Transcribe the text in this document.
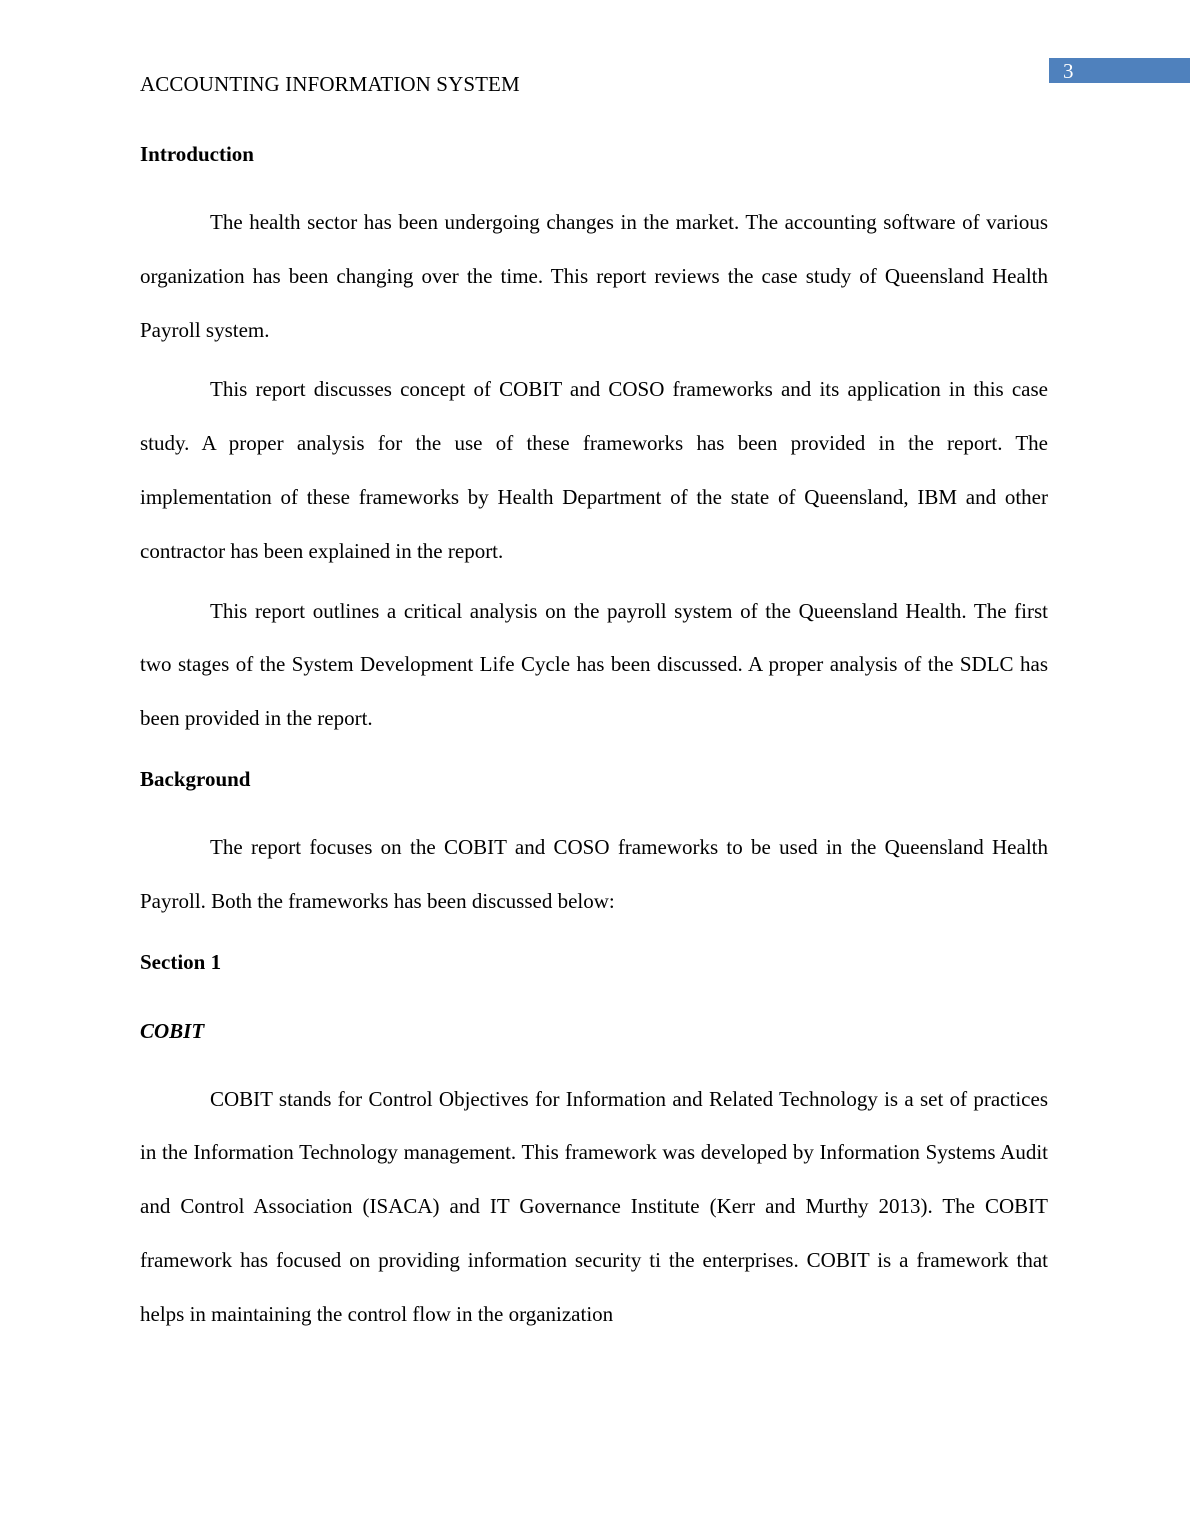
3
ACCOUNTING INFORMATION SYSTEM

Introduction

The health sector has been undergoing changes in the market. The accounting software of various organization has been changing over the time. This report reviews the case study of Queensland Health Payroll system.

This report discusses concept of COBIT and COSO frameworks and its application in this case study. A proper analysis for the use of these frameworks has been provided in the report. The implementation of these frameworks by Health Department of the state of Queensland, IBM and other contractor has been explained in the report.

This report outlines a critical analysis on the payroll system of the Queensland Health. The first two stages of the System Development Life Cycle has been discussed. A proper analysis of the SDLC has been provided in the report.

Background

The report focuses on the COBIT and COSO frameworks to be used in the Queensland Health Payroll. Both the frameworks has been discussed below:

Section 1

COBIT

COBIT stands for Control Objectives for Information and Related Technology is a set of practices in the Information Technology management. This framework was developed by Information Systems Audit and Control Association (ISACA) and IT Governance Institute (Kerr and Murthy 2013). The COBIT framework has focused on providing information security ti the enterprises. COBIT is a framework that helps in maintaining the control flow in the organization
